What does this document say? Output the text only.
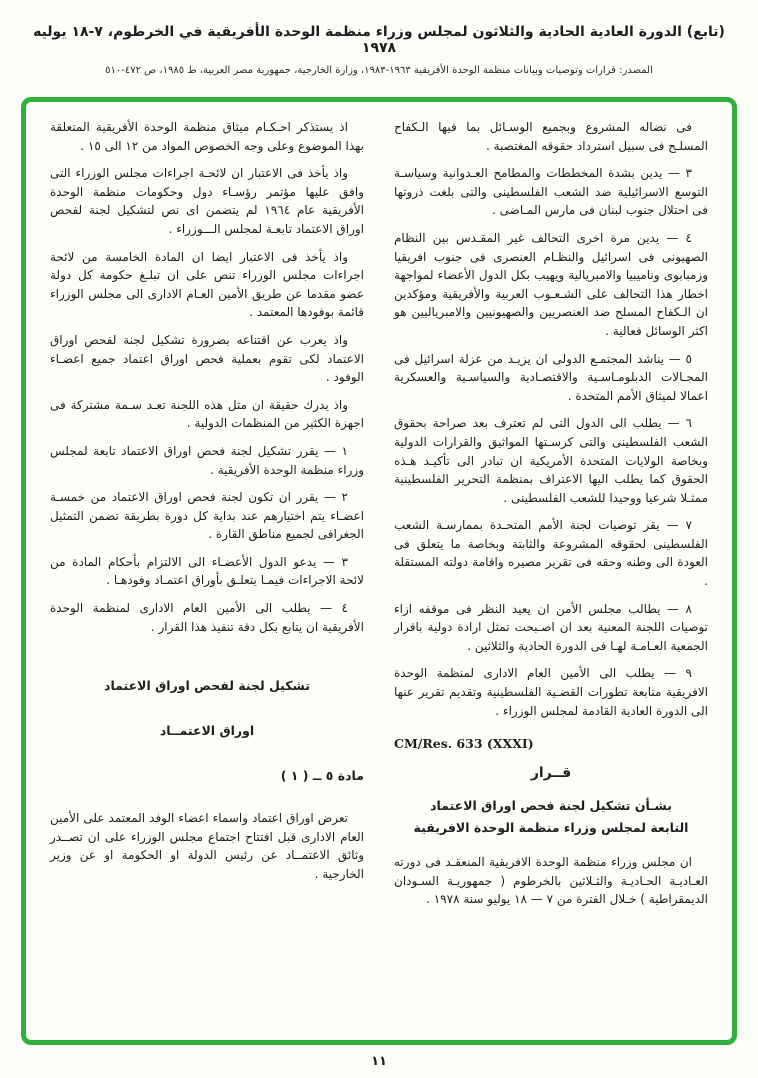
(تابع) الدورة العادية الحادية والثلاثون لمجلس وزراء منظمة الوحدة الأفريقية في الخرطوم، ٧-١٨ يوليه ١٩٧٨
المصدر: قرارات وتوصيات وبيانات منظمة الوحدة الأفريقية ١٩٦٣-١٩٨٣، وزارة الخارجية، جمهورية مصر العربية، ط ١٩٨٥، ص ٤٧٢-٥١٠

فى نضاله المشروع وبجميع الوسـائل بما فيها الـكفاح المسلـح فى سبيل استرداد حقوقه المغتصبة .

٣ — يدين بشدة المخططات والمطامح العـدوانية وسياسـة التوسع الاسرائيلية ضد الشعب الفلسطينى والتى بلغت ذروتها فى احتلال جنوب لبنان فى مارس المـاضى .

٤ — يدين مرة اخرى التحالف غير المقـدس بين النظام الصهيونى فى اسرائيل والنظـام العنصرى فى جنوب افريقيا وزمبابوى وناميبيا والامبريالية ويهيب بكل الدول الأعضاء لمواجهة اخطار هذا التحالف على الشـعـوب العربية والأفريقية ومؤكدين ان الـكفاح المسلح ضد العنصريين والصهيونيين والامبرياليين هو اكثر الوسائل فعالية .

٥ — يناشد المجتمـع الدولى ان يزيـد من عزلة اسرائيل فى المجـالات الدبلومـاسـية والاقتصـادية والسياسـية والعسكرية اعمالا لميثاق الأمم المتحدة .

٦ — يطلب الى الدول التى لم تعترف بعد صراحة بحقوق الشعب الفلسطينى والتى كرسـتها المواثيق والقرارات الدولية وبخاصة الولايات المتحدة الأمريكية ان تبادر الى تأكيـد هـذه الحقوق كما يطلب اليها الاعتراف بمنظمة التحرير الفلسطينية ممثـلا شرعيا ووحيدا للشعب الفلسطينى .

٧ — يقر توصيات لجنة الأمم المتحـدة بممارسـة الشعب الفلسطينى لحقوقه المشروعة والثابتة وبخاصة ما يتعلق فى العودة الى وطنه وحقه فى تقرير مصيره واقامة دولته المستقلة .

٨ — يطالب مجلس الأمن ان يعيد النظر فى موقفه ازاء توصيات اللجنة المعنية بعد ان اصـبحت تمثل ارادة دولية باقرار الجمعية العـامـة لهـا فى الدورة الحادية والثلاثين .

٩ — يطلب الى الأمين العام الادارى لمنظمة الوحدة الافريقية متابعة تطورات القضـية الفلسطينية وتقديم تقرير عنها الى الدورة العادية القادمة لمجلس الوزراء .

CM/Res. 633 (XXXI)
قــرار
بشـأن تشكيل لجنة فحص اوراق الاعتماد
التابعة لمجلس وزراء منظمة الوحدة الافريقية

ان مجلس وزراء منظمة الوحدة الافريقية المنعقـد فى دورته العـاديـة الحـاديـة والثـلاثين بالخرطوم ( جمهوريـة السـودان الديمقراطية ) خـلال الفترة من ٧ — ١٨ يوليو سنة ١٩٧٨ .

اذ يستذكر احـكـام ميثاق منظمة الوحدة الأفريقية المتعلقة بهذا الموضوع وعلى وجه الخصوص المواد من ١٢ الى ١٥ .

واذ يأخذ فى الاعتبار ان لائحـة اجراءات مجلس الوزراء التى وافق عليها مؤتمر رؤسـاء دول وحكومات منظمة الوحدة الأفريقية عام ١٩٦٤ لم يتضمن اى نص لتشكيل لجنة لفحص اوراق الاعتماد تابعـة لمجلس الـــوزراء .

واذ يأخذ فى الاعتبار ايضا ان المادة الخامسة من لائحة اجراءات مجلس الوزراء تنص على ان تبلـغ حكومة كل دولة عضو مقدما عن طريق الأمين العـام الادارى الى مجلس الوزراء قائمة بوفودها المعتمد .

واذ يعرب عن اقتناعه بضرورة تشكيل لجنة لفحص اوراق الاعتماد لكى تقوم بعملية فحص اوراق اعتماد جميع اعضـاء الوفود .

واذ يدرك حقيقة ان مثل هذه اللجنة تعـد سـمة مشتركة فى اجهزة الكثير من المنظمات الدولية .

١ — يقرر تشكيل لجنة فحص اوراق الاعتماد تابعة لمجلس وزراء منظمة الوحدة الأفريقية .

٢ — يقرر ان تكون لجنة فحص اوراق الاعتماد من خمسـة اعضـاء يتم اختيارهم عند بداية كل دورة بطريقة تضمن التمثيل الجغرافى لجميع مناطق القارة .

٣ — يدعو الدول الأعضـاء الى الالتزام بأحكام المادة من لائحة الاجراءات فيمـا يتعلـق بأوراق اعتمـاد وفودهـا .

٤ — يطلب الى الأمين العام الادارى لمنظمة الوحدة الأفريقية ان يتابع بكل دقة تنفيذ هذا القرار .

تشكيل لجنة لفحص اوراق الاعتماد
اوراق الاعتمــاد
مادة ٥ ــ ( ١ )

تعرض اوراق اعتماد واسماء اعضاء الوفد المعتمد على الأمين العام الادارى قبل افتتاح اجتماع مجلس الوزراء على ان تصــدر وثائق الاعتمــاد عن رئيس الدولة او الحكومة او عن وزير الخارجية .

١١
